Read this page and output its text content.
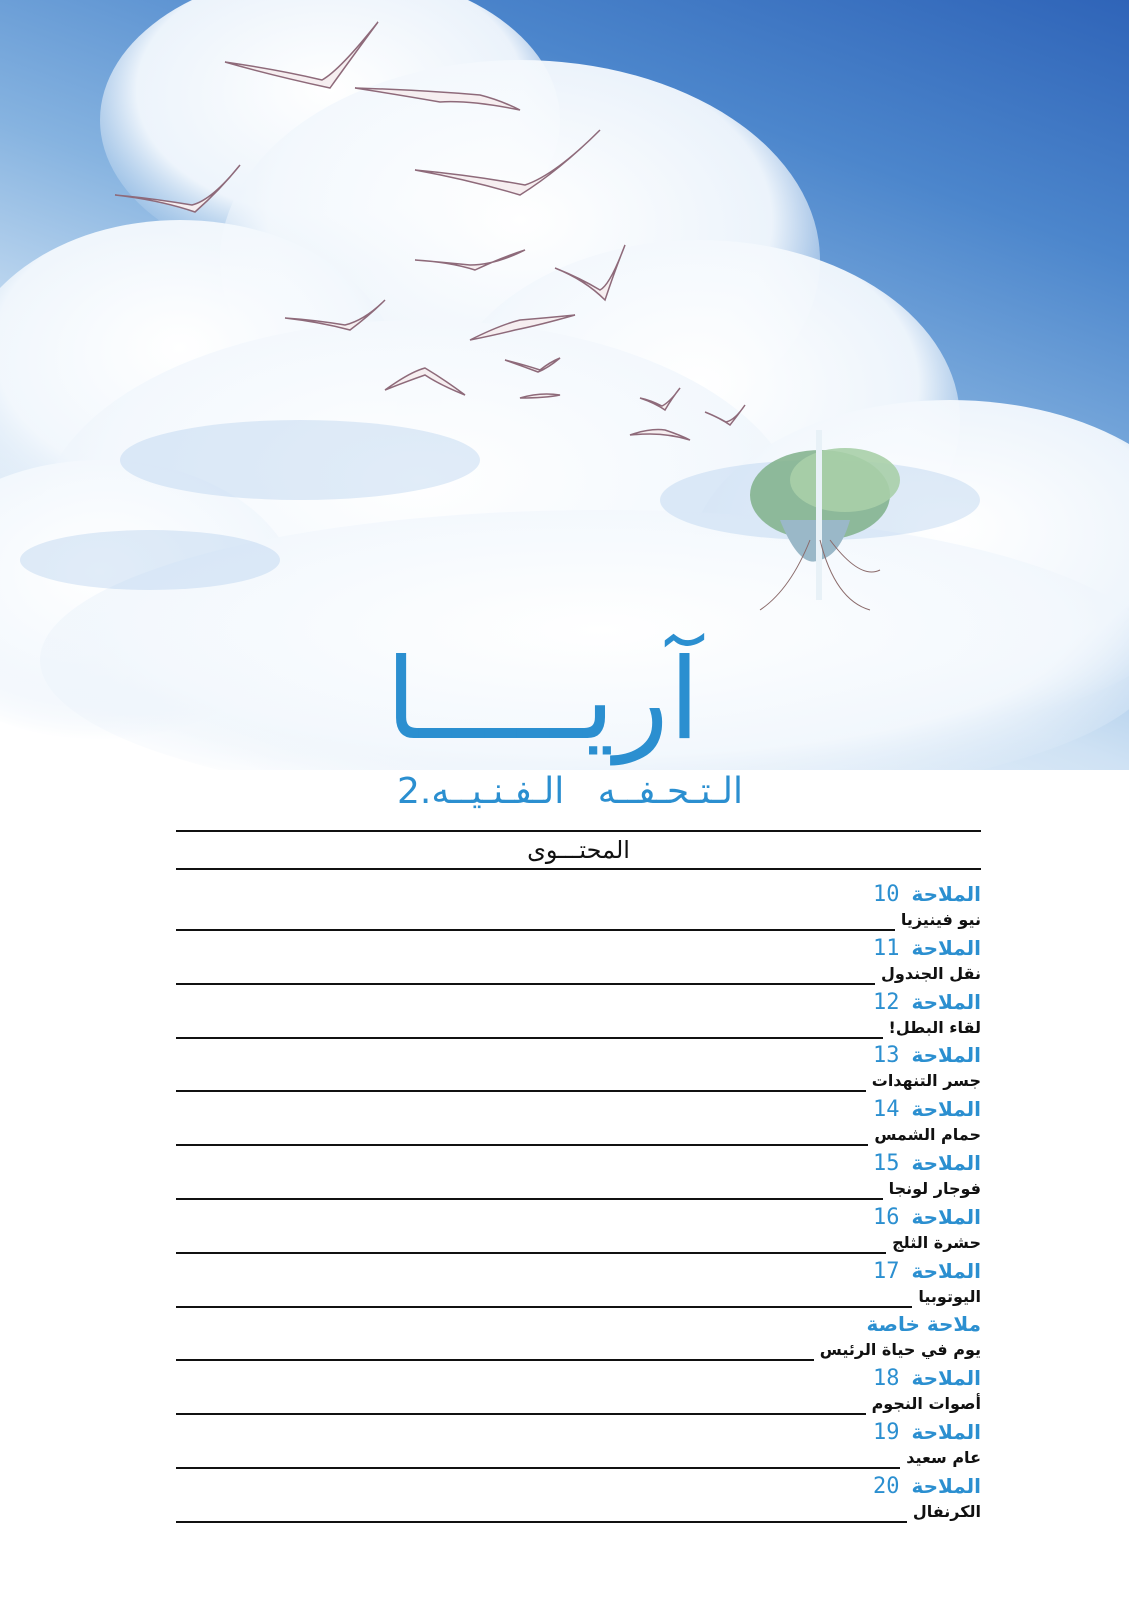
آريـــــا
الـتـحـفــه الـفـنـيــه.2
المحتـــوى
الملاحة10
نيو فينيزيا
الملاحة11
نقل الجندول
الملاحة12
لقاء البطل!
الملاحة13
جسر التنهدات
الملاحة14
حمام الشمس
الملاحة15
فوجار لونجا
الملاحة16
حشرة الثلج
الملاحة17
اليوتوبيا
ملاحة خاصة
يوم في حياة الرئيس
الملاحة18
أصوات النجوم
الملاحة19
عام سعيد
الملاحة20
الكرنفال
